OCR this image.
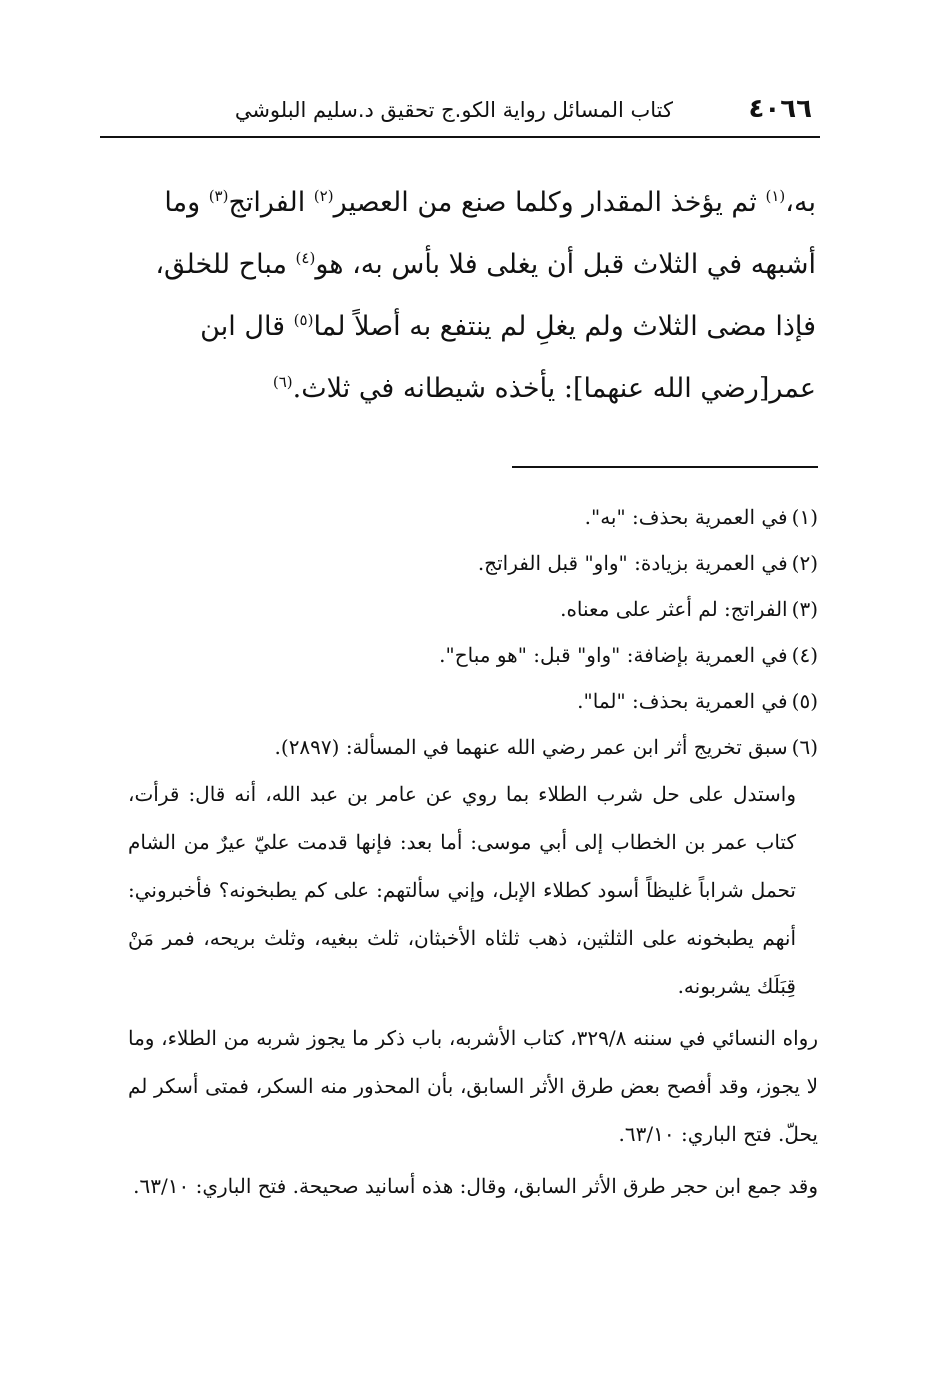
٤٠٦٦
كتاب المسائل رواية الكو.ج تحقيق د.سليم البلوشي
به،$^{(١)}$ ثم يؤخذ المقدار وكلما صنع من العصير$^{(٢)}$ الفراتج$^{(٣)}$ وما
أشبهه في الثلاث قبل أن يغلى فلا بأس به، هو$^{(٤)}$ مباح للخلق،
فإذا مضى الثلاث ولم يغلِ لم ينتفع به أصلاً لما$^{(٥)}$ قال ابن
عمر[رضي الله عنهما]: يأخذه شيطانه في ثلاث.$^{(٦)}$
(١)في العمرية بحذف: "به".
(٢)في العمرية بزيادة: "واو" قبل الفراتج.
(٣)الفراتج: لم أعثر على معناه.
(٤)في العمرية بإضافة: "واو" قبل: "هو مباح".
(٥)في العمرية بحذف: "لما".
(٦)سبق تخريج أثر ابن عمر رضي الله عنهما في المسألة: (٢٨٩٧).
واستدل على حل شرب الطلاء بما روي عن عامر بن عبد الله، أنه قال: قرأت، كتاب عمر بن الخطاب إلى أبي موسى: أما بعد: فإنها قدمت عليّ عيرٌ من الشام تحمل شراباً غليظاً أسود كطلاء الإبل، وإني سألتهم: على كم يطبخونه؟ فأخبروني: أنهم يطبخونه على الثلثين، ذهب ثلثاه الأخبثان، ثلث ببغيه، وثلث بريحه، فمر مَنْ قِبَلَك يشربونه.
رواه النسائي في سننه ٣٢٩/٨، كتاب الأشربه، باب ذكر ما يجوز شربه من الطلاء، وما لا يجوز، وقد أفصح بعض طرق الأثر السابق، بأن المحذور منه السكر، فمتى أسكر لم يحلّ. فتح الباري: ٦٣/١٠.
وقد جمع ابن حجر طرق الأثر السابق، وقال: هذه أسانيد صحيحة. فتح الباري: ٦٣/١٠.
